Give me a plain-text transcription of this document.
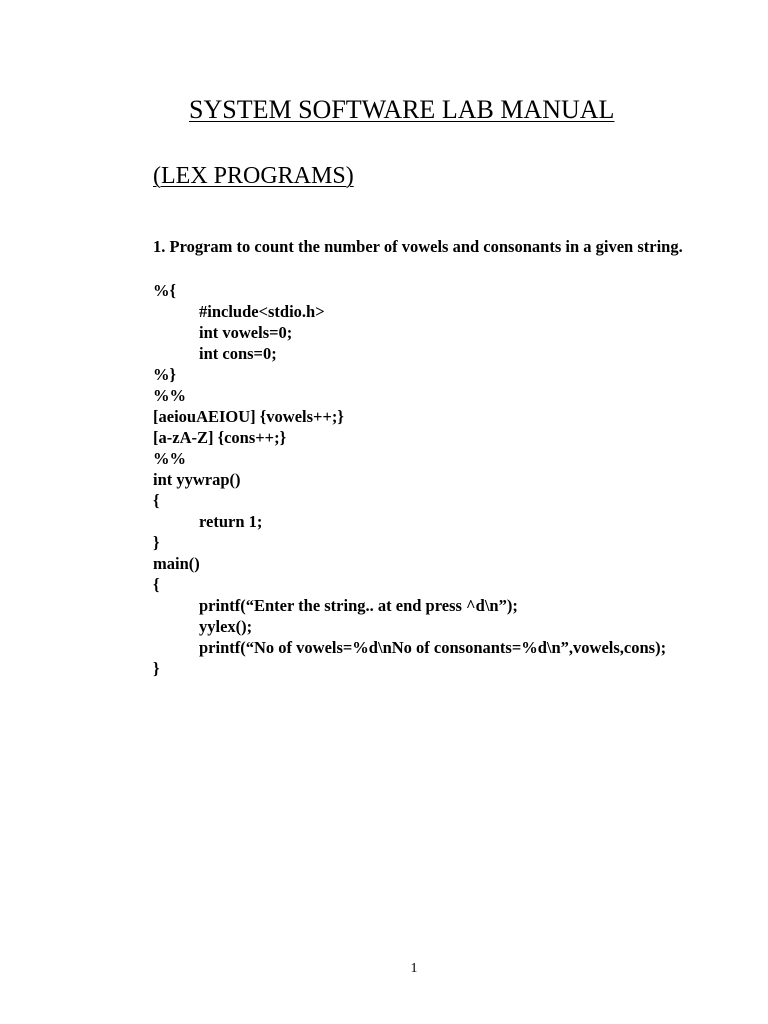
SYSTEM SOFTWARE LAB MANUAL
(LEX PROGRAMS)

1. Program to count the number of vowels and consonants in a given string.

%{
#include<stdio.h>
int vowels=0;
int cons=0;
%}
%%
[aeiouAEIOU] {vowels++;}
[a-zA-Z] {cons++;}
%%
int yywrap()
{
return 1;
}
main()
{
printf(“Enter the string.. at end press ^d\n”);
yylex();
printf(“No of vowels=%d\nNo of consonants=%d\n”,vowels,cons);
}
1
